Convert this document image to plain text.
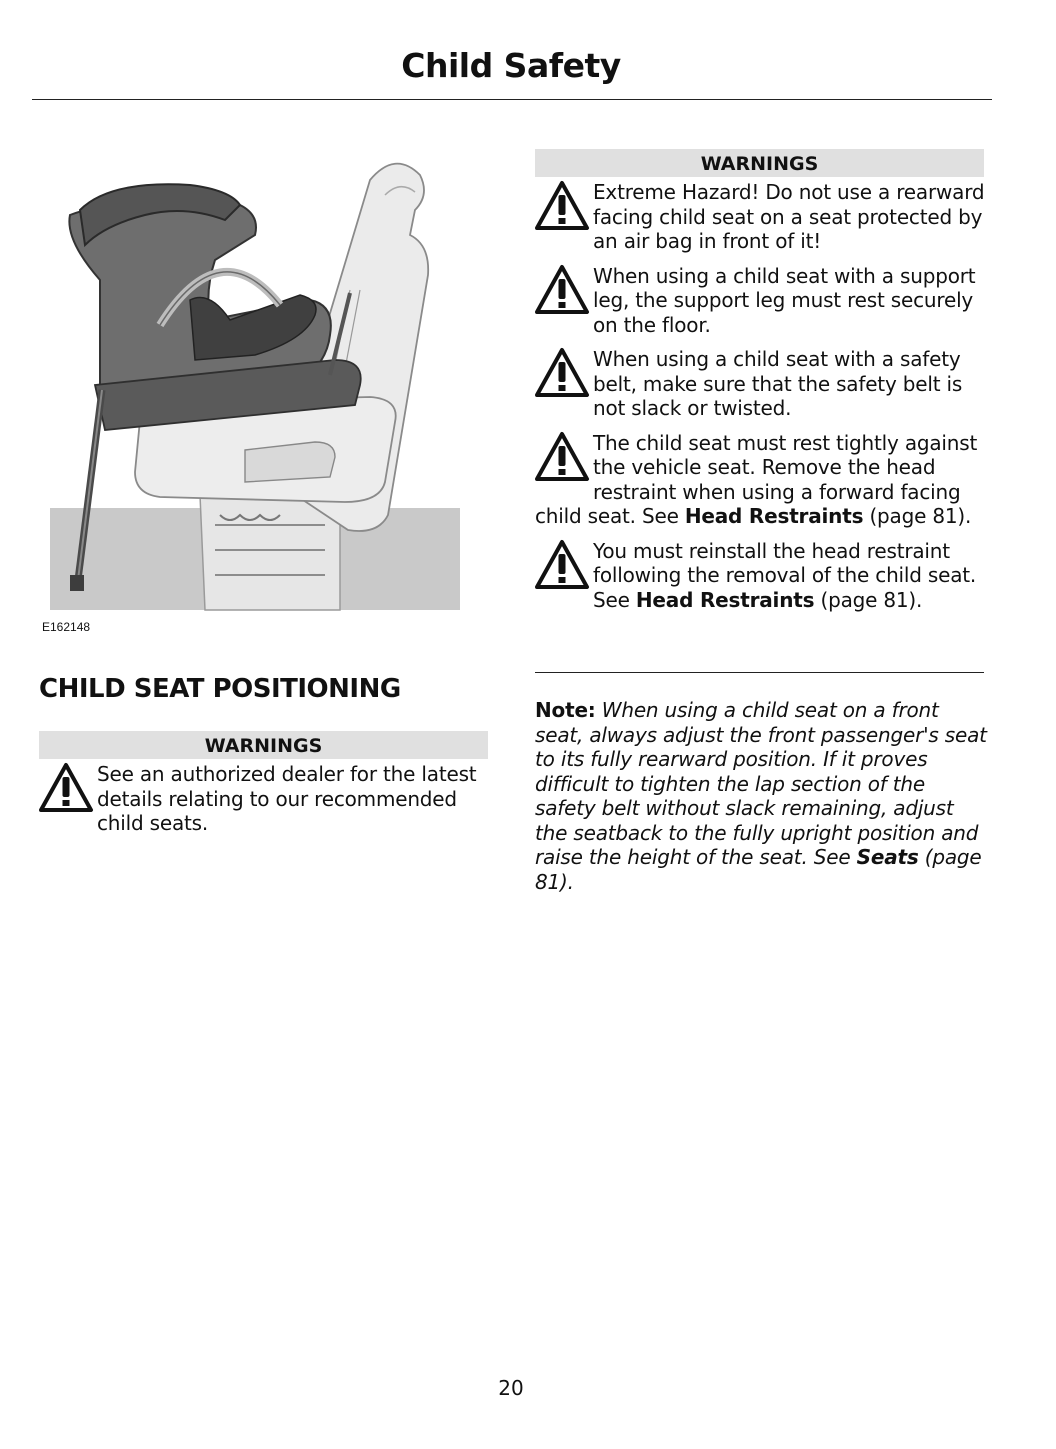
Child Safety
E162148
CHILD SEAT POSITIONING
WARNINGS
See an authorized dealer for the latest details relating to our recommended child seats.
WARNINGS
Extreme Hazard! Do not use a rearward facing child seat on a seat protected by an air bag in front of it!
When using a child seat with a support leg, the support leg must rest securely on the floor.
When using a child seat with a safety belt, make sure that the safety belt is not slack or twisted.
The child seat must rest tightly against the vehicle seat. Remove the head restraint when using a forward facing child seat. See Head Restraints (page 81).
You must reinstall the head restraint following the removal of the child seat. See Head Restraints (page 81).
Note: When using a child seat on a front seat, always adjust the front passenger's seat to its fully rearward position. If it proves difficult to tighten the lap section of the safety belt without slack remaining, adjust the seatback to the fully upright position and raise the height of the seat. See Seats (page 81).
20
